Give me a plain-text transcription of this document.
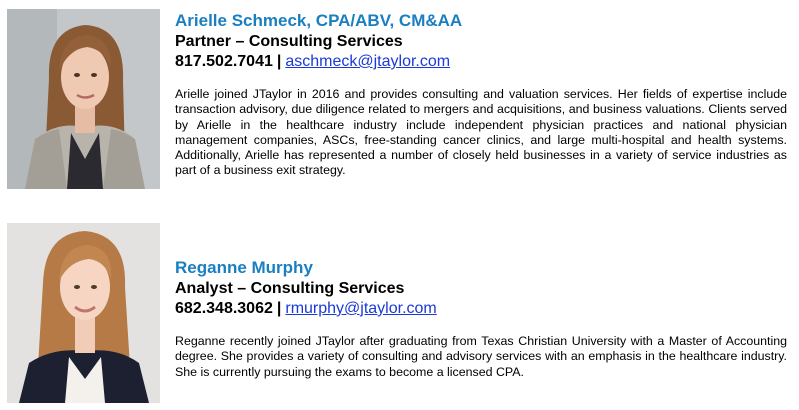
Arielle Schmeck, CPA/ABV, CM&AA
Partner – Consulting Services
817.502.7041 | aschmeck@jtaylor.com
Arielle joined JTaylor in 2016 and provides consulting and valuation services. Her fields of expertise include transaction advisory, due diligence related to mergers and acquisitions, and business valuations. Clients served by Arielle in the healthcare industry include independent physician practices and national physician management companies, ASCs, free-standing cancer clinics, and large multi-hospital and health systems. Additionally, Arielle has represented a number of closely held businesses in a variety of service industries as part of a business exit strategy.
Reganne Murphy
Analyst – Consulting Services
682.348.3062 | rmurphy@jtaylor.com
Reganne recently joined JTaylor after graduating from Texas Christian University with a Master of Accounting degree. She provides a variety of consulting and advisory services with an emphasis in the healthcare industry. She is currently pursuing the exams to become a licensed CPA.
